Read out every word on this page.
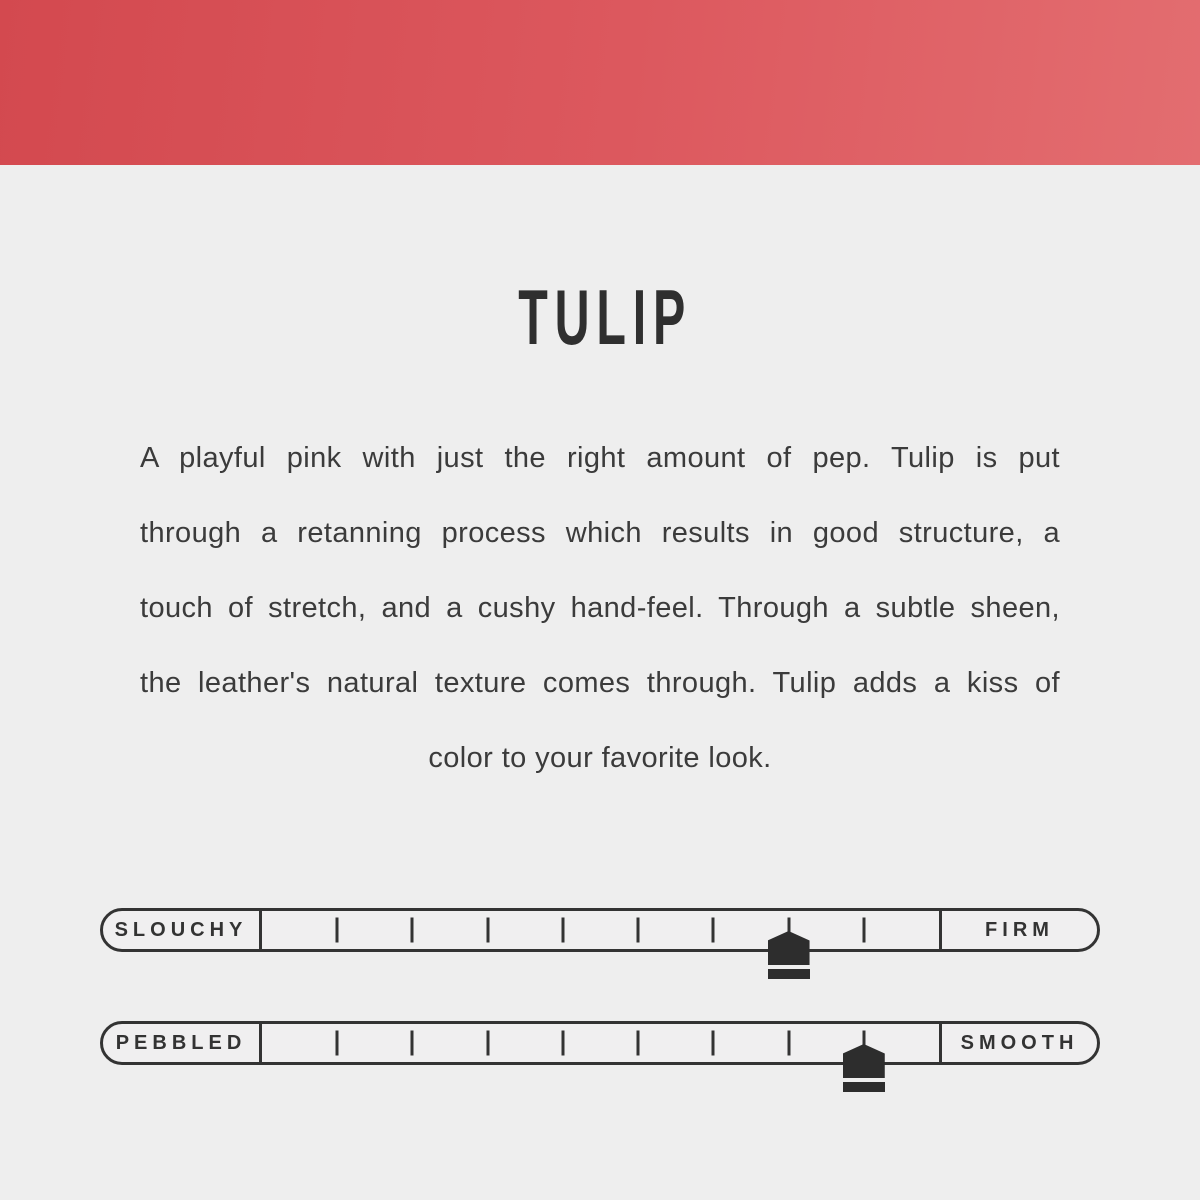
TULIP
A playful pink with just the right amount of pep. Tulip is put
through a retanning process which results in good structure, a
touch of stretch, and a cushy hand-feel. Through a subtle sheen,
the leather's natural texture comes through. Tulip adds a kiss of
color to your favorite look.
SLOUCHY	FIRM
PEBBLED	SMOOTH
